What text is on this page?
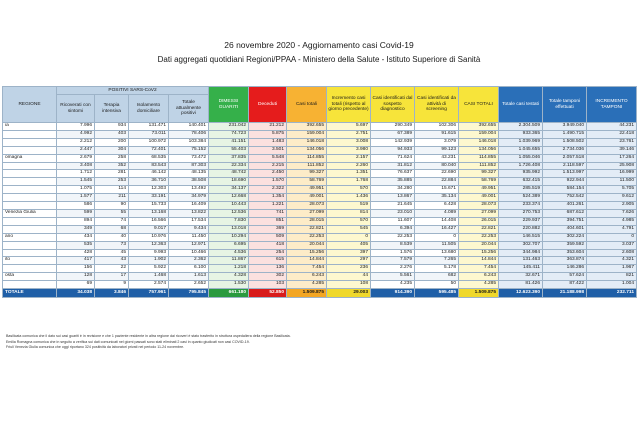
26 novembre 2020 - Aggiornamento casi Covid-19
Dati aggregati quotidiani Regioni/PPAA - Ministero della Salute - Istituto Superiore di Sanità
REGIONE	POSITIVI SARS-CoV2				DIMESSI GUARITI	Deceduti	Casi totali	Incremento casi totali (rispetto al giorno precedente)	Casi identificati dal sospetto diagnostico	Casi identificati da attività di screening	CASI TOTALI	Totale casi testati	Totale tamponi effettuati	INCREMENTO TAMPONI
	Ricoverati con sintomi	Terapia intensiva	Isolamento domiciliare	Totale attualmente positivi										
ia	7.996	934	131.471	140.401	231.042	21.212	392.655	5.697	290.349	102.306	392.655	2.304.509	3.949.040	44.231
	4.992	403	73.011	78.406	74.723	5.875	159.004	2.751	67.389	91.615	159.004	933.365	1.490.715	22.418
	2.212	200	100.972	103.384	41.151	1.483	146.018	3.008	142.939	3.079	146.018	1.039.969	1.508.502	23.761
	2.447	304	72.401	75.152	55.403	3.501	134.056	3.980	94.933	99.123	134.056	1.045.655	2.734.036	39.146
omagna	2.679	258	68.535	73.472	37.835	5.548	114.855	2.157	71.624	43.231	114.855	1.055.046	2.057.518	17.264
	3.408	352	83.543	87.303	22.334	2.215	111.852	2.260	31.812	80.040	111.852	1.726.408	2.118.597	25.908
	1.712	281	46.142	48.135	48.742	2.450	99.327	1.351	76.637	22.690	99.327	935.992	1.513.997	16.999
	1.545	253	36.710	38.508	18.690	1.570	58.769	1.768	35.885	22.884	58.769	632.415	922.944	11.500
	1.075	114	12.303	13.492	34.137	2.322	49.951	570	34.280	15.671	49.951	285.519	584.154	5.705
	1.577	211	33.191	34.979	12.668	1.354	49.001	1.436	13.867	35.134	49.001	524.389	752.542	9.612
	586	90	15.733	16.409	10.443	1.221	28.073	519	21.645	6.428	28.073	233.374	401.261	2.905
Venezia Giulia	599	55	13.168	13.822	12.536	741	27.099	814	23.010	4.089	27.099	270.753	687.612	7.626
	894	74	16.566	17.534	7.830	851	28.015	570	11.607	14.408	26.015	229.937	394.751	4.985
	349	68	9.017	9.434	13.018	369	22.821	545	6.394	16.427	22.821	220.882	404.601	4.791
ano	434	40	10.976	11.450	10.294	509	22.253	0	22.253	0	22.253	146.515	302.224	0
	535	73	12.363	12.971	6.695	418	20.044	405	8.539	11.505	20.044	302.707	359.592	3.037
	428	45	9.993	10.466	4.536	254	15.256	397	1.576	13.680	15.256	344.984	353.604	2.608
ito	417	43	1.902	2.362	11.867	615	14.844	297	7.579	7.265	14.844	131.463	363.874	4.321
	156	22	5.922	6.100	1.218	136	7.454	236	2.276	5.178	7.454	145.411	146.286	1.967
osta	128	17	1.468	1.613	4.328	302	6.243	44	5.561	682	6.243	32.671	57.624	821
	69	9	2.574	2.652	1.530	103	4.285	108	4.235	50	4.285	81.426	87.422	1.004
TOTALE	34.038	3.846	757.961	795.845	661.180	52.850	1.509.875	29.003	914.390	595.485	1.509.875	12.623.390	21.188.998	232.711
Basilicata comunica che il dato sui casi guariti è in revisione e che 1 paziente residente in altra regione dai ricoveri è stato trasferito in struttura ospedaliera della regione Basilicata.
Emilia Romagna comunica che in seguito a verifica sui dati comunicati nel giorni passati sono stati eliminati 2 casi in quanto giudicati non casi COVID-19.
Friuli Venezia Giulia comunica che oggi riportano 324 positività da laboratori privati nel periodo 11-24 novembre.
